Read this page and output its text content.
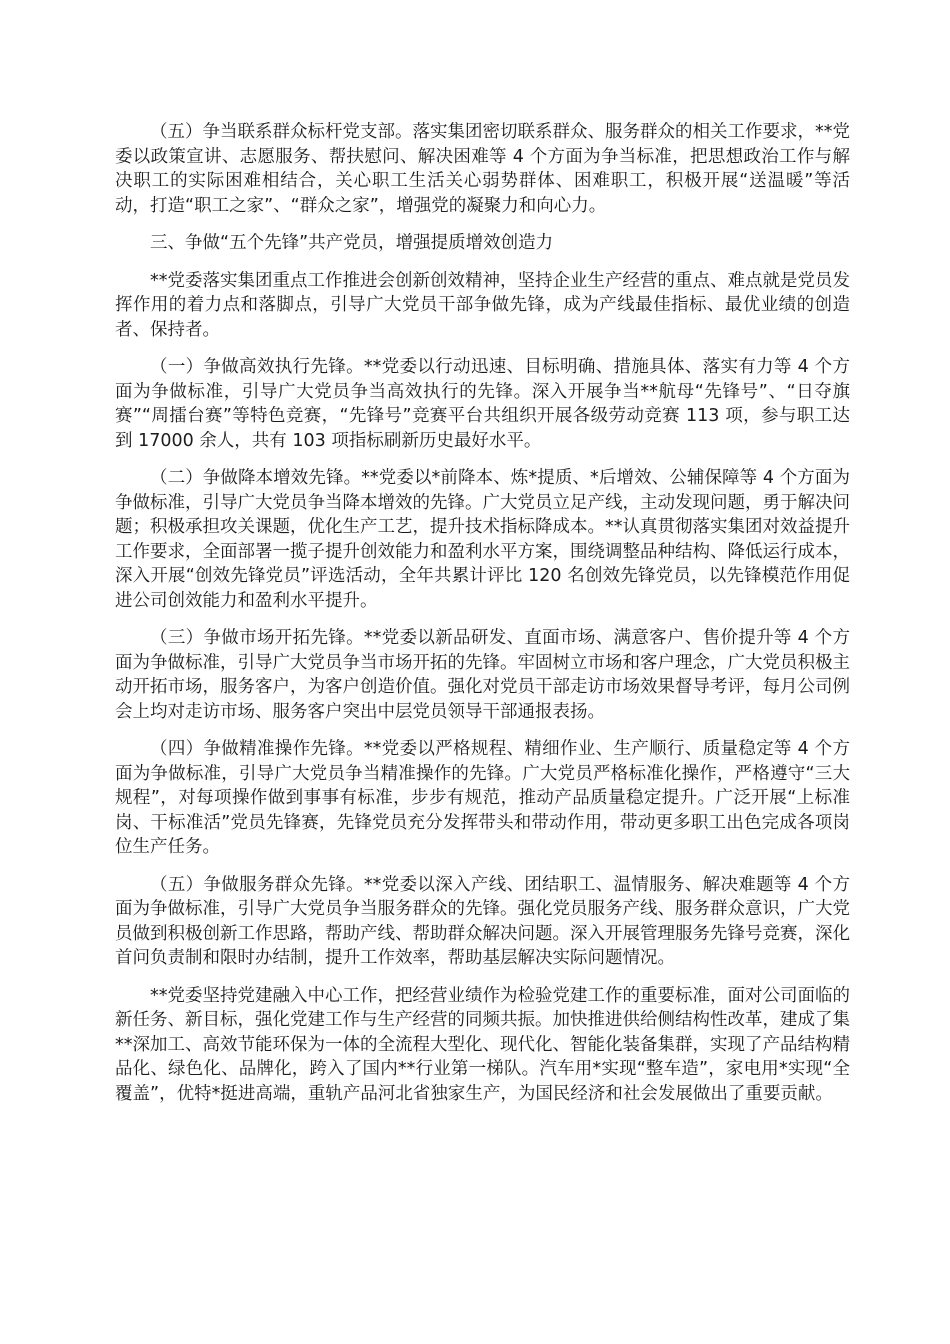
（五）争当联系群众标杆党支部。落实集团密切联系群众、服务群众的相关工作要求，**党委以政策宣讲、志愿服务、帮扶慰问、解决困难等 4 个方面为争当标准，把思想政治工作与解决职工的实际困难相结合，关心职工生活关心弱势群体、困难职工，积极开展“送温暖”等活动，打造“职工之家”、“群众之家”，增强党的凝聚力和向心力。

三、争做“五个先锋”共产党员，增强提质增效创造力

**党委落实集团重点工作推进会创新创效精神，坚持企业生产经营的重点、难点就是党员发挥作用的着力点和落脚点，引导广大党员干部争做先锋，成为产线最佳指标、最优业绩的创造者、保持者。

（一）争做高效执行先锋。**党委以行动迅速、目标明确、措施具体、落实有力等 4 个方面为争做标准，引导广大党员争当高效执行的先锋。深入开展争当**航母“先锋号”、“日夺旗赛”“周擂台赛”等特色竞赛，“先锋号”竞赛平台共组织开展各级劳动竞赛 113 项，参与职工达到 17000 余人，共有 103 项指标刷新历史最好水平。

（二）争做降本增效先锋。**党委以*前降本、炼*提质、*后增效、公辅保障等 4 个方面为争做标准，引导广大党员争当降本增效的先锋。广大党员立足产线，主动发现问题，勇于解决问题；积极承担攻关课题，优化生产工艺，提升技术指标降成本。**认真贯彻落实集团对效益提升工作要求，全面部署一揽子提升创效能力和盈利水平方案，围绕调整品种结构、降低运行成本，深入开展“创效先锋党员”评选活动，全年共累计评比 120 名创效先锋党员，以先锋模范作用促进公司创效能力和盈利水平提升。

（三）争做市场开拓先锋。**党委以新品研发、直面市场、满意客户、售价提升等 4 个方面为争做标准，引导广大党员争当市场开拓的先锋。牢固树立市场和客户理念，广大党员积极主动开拓市场，服务客户，为客户创造价值。强化对党员干部走访市场效果督导考评，每月公司例会上均对走访市场、服务客户突出中层党员领导干部通报表扬。

（四）争做精准操作先锋。**党委以严格规程、精细作业、生产顺行、质量稳定等 4 个方面为争做标准，引导广大党员争当精准操作的先锋。广大党员严格标准化操作，严格遵守“三大规程”，对每项操作做到事事有标准，步步有规范，推动产品质量稳定提升。广泛开展“上标准岗、干标准活”党员先锋赛，先锋党员充分发挥带头和带动作用，带动更多职工出色完成各项岗位生产任务。

（五）争做服务群众先锋。**党委以深入产线、团结职工、温情服务、解决难题等 4 个方面为争做标准，引导广大党员争当服务群众的先锋。强化党员服务产线、服务群众意识，广大党员做到积极创新工作思路，帮助产线、帮助群众解决问题。深入开展管理服务先锋号竞赛，深化首问负责制和限时办结制，提升工作效率，帮助基层解决实际问题情况。

**党委坚持党建融入中心工作，把经营业绩作为检验党建工作的重要标准，面对公司面临的新任务、新目标，强化党建工作与生产经营的同频共振。加快推进供给侧结构性改革，建成了集**深加工、高效节能环保为一体的全流程大型化、现代化、智能化装备集群，实现了产品结构精品化、绿色化、品牌化，跨入了国内**行业第一梯队。汽车用*实现“整车造”，家电用*实现“全覆盖”，优特*挺进高端，重轨产品河北省独家生产，为国民经济和社会发展做出了重要贡献。
